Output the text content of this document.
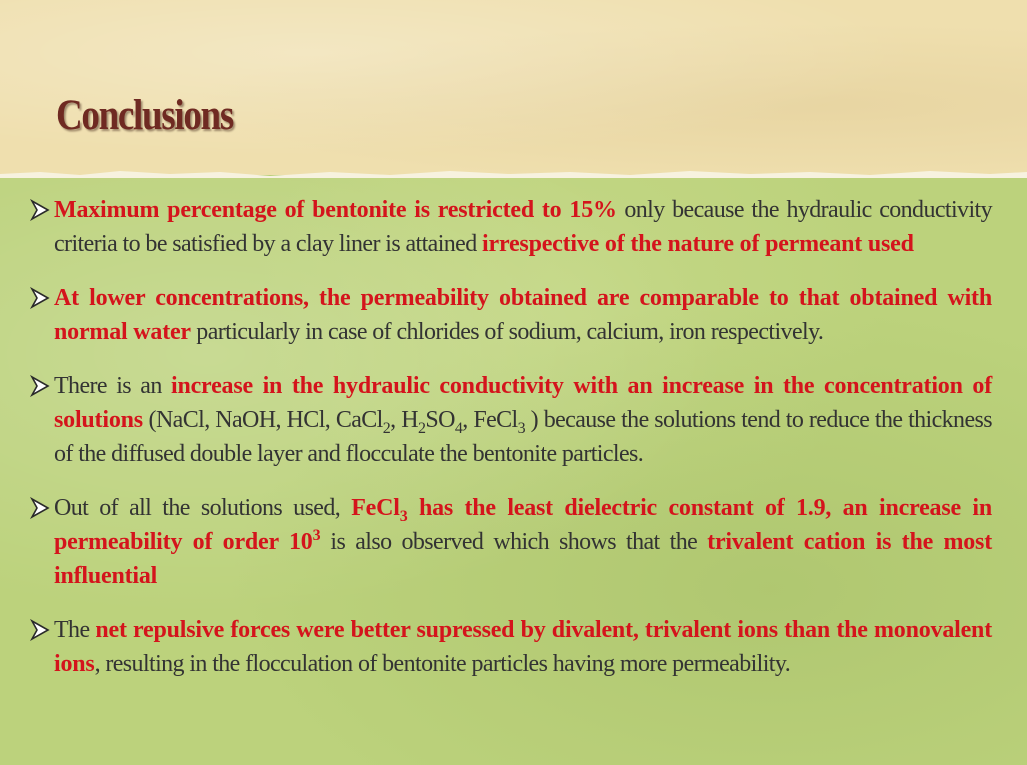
Conclusions
Maximum percentage of bentonite is restricted to 15% only because the hydraulic conductivity criteria to be satisfied by a clay liner is attained irrespective of the nature of permeant used
At lower concentrations, the permeability obtained are comparable to that obtained with normal water particularly in case of chlorides of sodium, calcium, iron respectively.
There is an increase in the hydraulic conductivity with an increase in the concentration of solutions (NaCl, NaOH, HCl, CaCl$_2$, $H_2SO_4$, FeCl$_3$ ) because the solutions tend to reduce the thickness of the diffused double layer and flocculate the bentonite particles.
Out of all the solutions used, FeCl$_3$ has the least dielectric constant of 1.9, an increase in permeability of order $10^3$ is also observed which shows that the trivalent cation is the most influential
The net repulsive forces were better supressed by divalent, trivalent ions than the monovalent ions, resulting in the flocculation of bentonite particles having more permeability.
